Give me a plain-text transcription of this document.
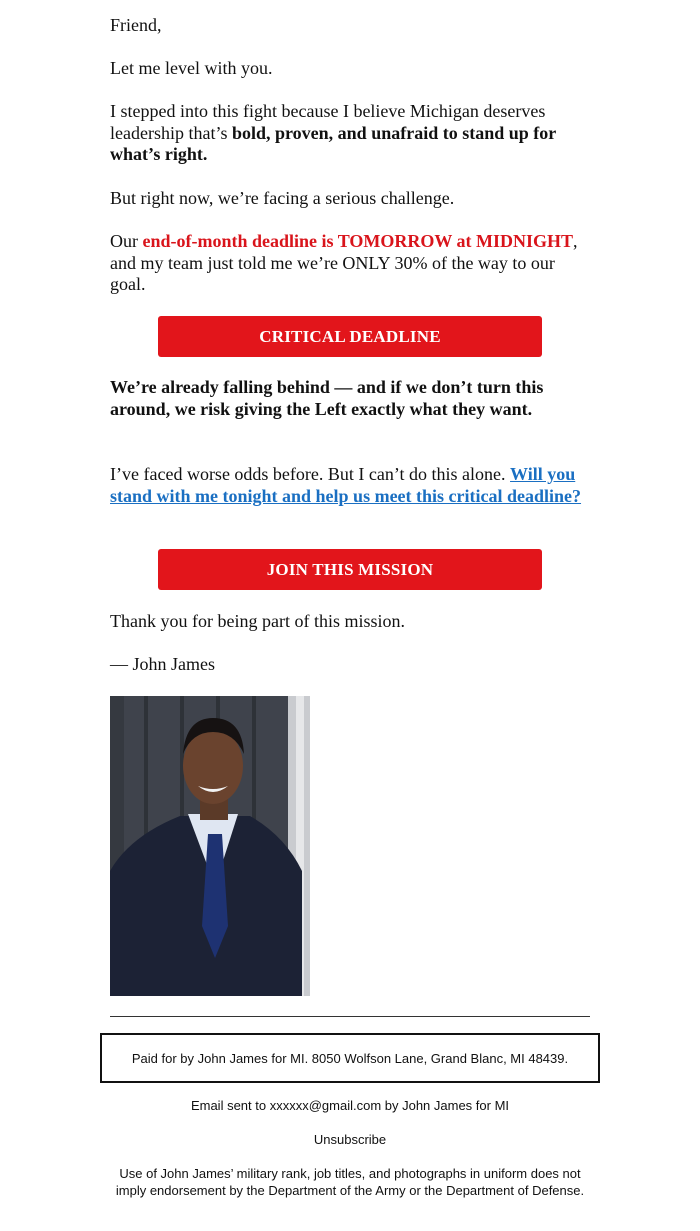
Friend,

Let me level with you.

I stepped into this fight because I believe Michigan deserves leadership that’s bold, proven, and unafraid to stand up for what’s right.

But right now, we’re facing a serious challenge.

Our end-of-month deadline is TOMORROW at MIDNIGHT, and my team just told me we’re ONLY 30% of the way to our goal.

CRITICAL DEADLINE

We’re already falling behind — and if we don’t turn this around, we risk giving the Left exactly what they want.

I’ve faced worse odds before. But I can’t do this alone. Will you stand with me tonight and help us meet this critical deadline?

JOIN THIS MISSION

Thank you for being part of this mission.

— John James

Paid for by John James for MI. 8050 Wolfson Lane, Grand Blanc, MI 48439.
Email sent to xxxxxx@gmail.com by John James for MI
Unsubscribe
Use of John James’ military rank, job titles, and photographs in uniform does not imply endorsement by the Department of the Army or the Department of Defense.
